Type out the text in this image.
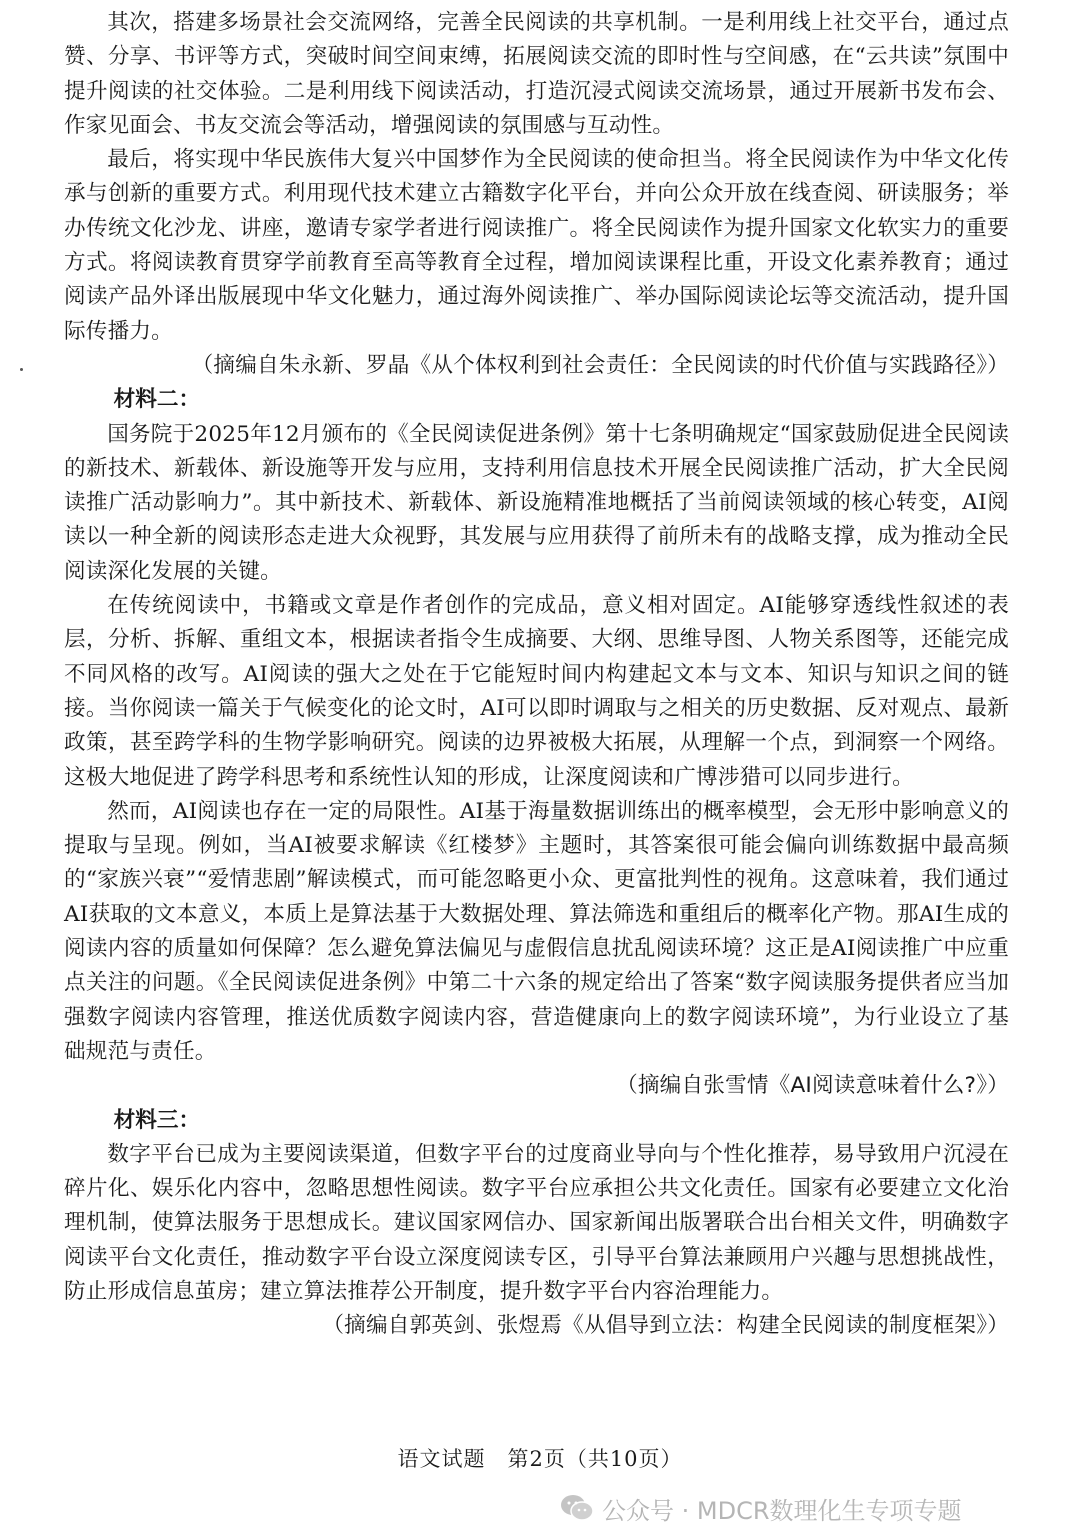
其次，搭建多场景社会交流网络，完善全民阅读的共享机制。一是利用线上社交平台，通过点赞、分享、书评等方式，突破时间空间束缚，拓展阅读交流的即时性与空间感，在“云共读”氛围中提升阅读的社交体验。二是利用线下阅读活动，打造沉浸式阅读交流场景，通过开展新书发布会、作家见面会、书友交流会等活动，增强阅读的氛围感与互动性。

最后，将实现中华民族伟大复兴中国梦作为全民阅读的使命担当。将全民阅读作为中华文化传承与创新的重要方式。利用现代技术建立古籍数字化平台，并向公众开放在线查阅、研读服务；举办传统文化沙龙、讲座，邀请专家学者进行阅读推广。将全民阅读作为提升国家文化软实力的重要方式。将阅读教育贯穿学前教育至高等教育全过程，增加阅读课程比重，开设文化素养教育；通过阅读产品外译出版展现中华文化魅力，通过海外阅读推广、举办国际阅读论坛等交流活动，提升国际传播力。

（摘编自朱永新、罗晶《从个体权利到社会责任：全民阅读的时代价值与实践路径》）

材料二：

国务院于2025年12月颁布的《全民阅读促进条例》第十七条明确规定“国家鼓励促进全民阅读的新技术、新载体、新设施等开发与应用，支持利用信息技术开展全民阅读推广活动，扩大全民阅读推广活动影响力”。其中新技术、新载体、新设施精准地概括了当前阅读领域的核心转变，AI阅读以一种全新的阅读形态走进大众视野，其发展与应用获得了前所未有的战略支撑，成为推动全民阅读深化发展的关键。

在传统阅读中，书籍或文章是作者创作的完成品，意义相对固定。AI能够穿透线性叙述的表层，分析、拆解、重组文本，根据读者指令生成摘要、大纲、思维导图、人物关系图等，还能完成不同风格的改写。AI阅读的强大之处在于它能短时间内构建起文本与文本、知识与知识之间的链接。当你阅读一篇关于气候变化的论文时，AI可以即时调取与之相关的历史数据、反对观点、最新政策，甚至跨学科的生物学影响研究。阅读的边界被极大拓展，从理解一个点，到洞察一个网络。这极大地促进了跨学科思考和系统性认知的形成，让深度阅读和广博涉猎可以同步进行。

然而，AI阅读也存在一定的局限性。AI基于海量数据训练出的概率模型，会无形中影响意义的提取与呈现。例如，当AI被要求解读《红楼梦》主题时，其答案很可能会偏向训练数据中最高频的“家族兴衰”“爱情悲剧”解读模式，而可能忽略更小众、更富批判性的视角。这意味着，我们通过AI获取的文本意义，本质上是算法基于大数据处理、算法筛选和重组后的概率化产物。那AI生成的阅读内容的质量如何保障？怎么避免算法偏见与虚假信息扰乱阅读环境？这正是AI阅读推广中应重点关注的问题。《全民阅读促进条例》中第二十六条的规定给出了答案“数字阅读服务提供者应当加强数字阅读内容管理，推送优质数字阅读内容，营造健康向上的数字阅读环境”，为行业设立了基础规范与责任。

（摘编自张雪情《AI阅读意味着什么?》）

材料三：

数字平台已成为主要阅读渠道，但数字平台的过度商业导向与个性化推荐，易导致用户沉浸在碎片化、娱乐化内容中，忽略思想性阅读。数字平台应承担公共文化责任。国家有必要建立文化治理机制，使算法服务于思想成长。建议国家网信办、国家新闻出版署联合出台相关文件，明确数字阅读平台文化责任，推动数字平台设立深度阅读专区，引导平台算法兼顾用户兴趣与思想挑战性，防止形成信息茧房；建立算法推荐公开制度，提升数字平台内容治理能力。

（摘编自郭英剑、张煜焉《从倡导到立法：构建全民阅读的制度框架》）

语文试题　第2页（共10页）
公众号 · MDCR数理化生专项专题
